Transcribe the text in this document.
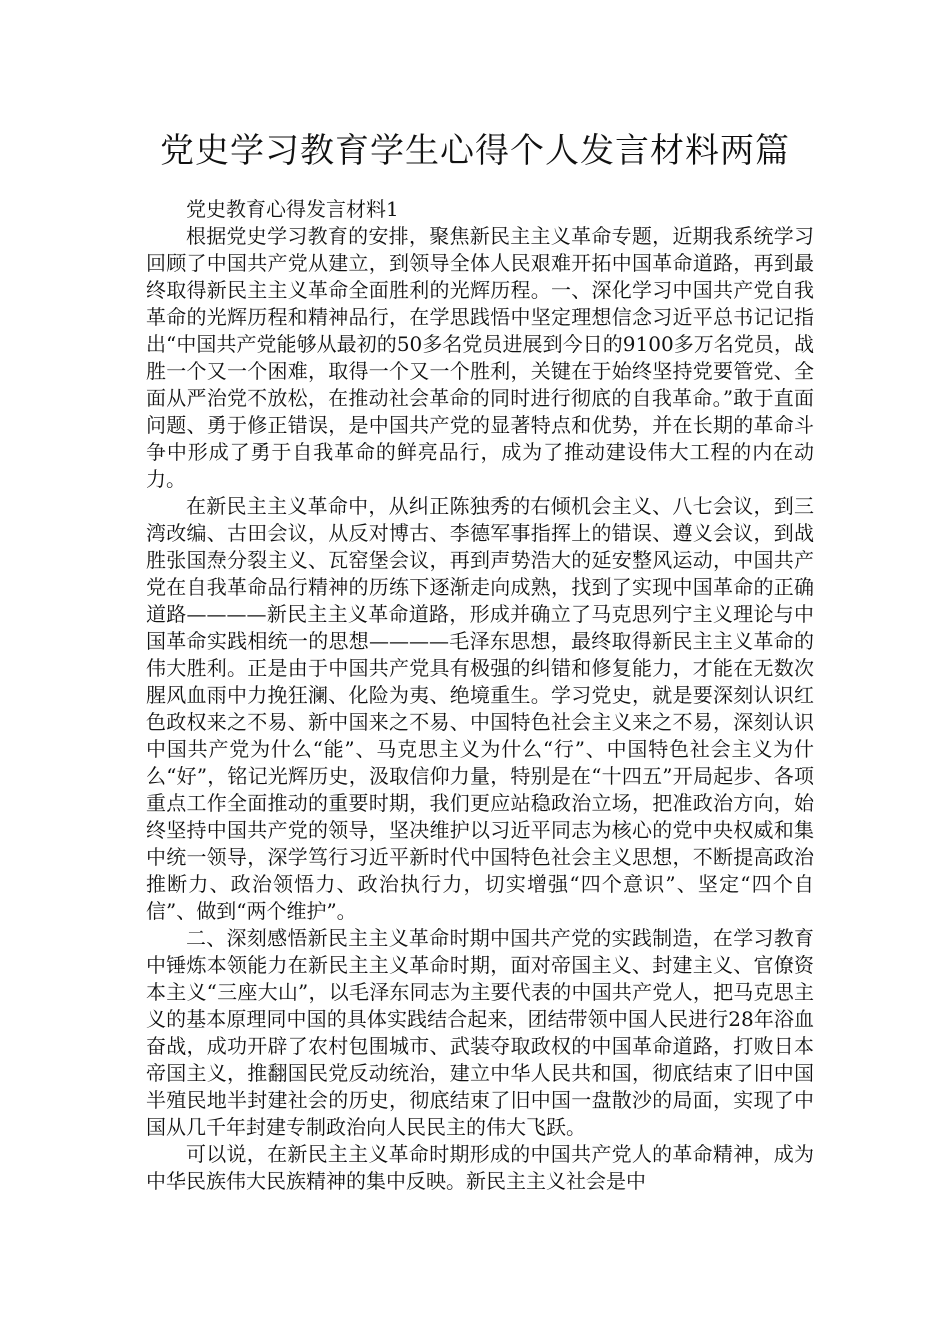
党史学习教育学生心得个人发言材料两篇

党史教育心得发言材料1

根据党史学习教育的安排，聚焦新民主主义革命专题，近期我系统学习回顾了中国共产党从建立，到领导全体人民艰难开拓中国革命道路，再到最终取得新民主主义革命全面胜利的光辉历程。一、深化学习中国共产党自我革命的光辉历程和精神品行，在学思践悟中坚定理想信念习近平总书记记指出“中国共产党能够从最初的50多名党员进展到今日的9100多万名党员，战胜一个又一个困难，取得一个又一个胜利，关键在于始终坚持党要管党、全面从严治党不放松，在推动社会革命的同时进行彻底的自我革命。”敢于直面问题、勇于修正错误，是中国共产党的显著特点和优势，并在长期的革命斗争中形成了勇于自我革命的鲜亮品行，成为了推动建设伟大工程的内在动力。

在新民主主义革命中，从纠正陈独秀的右倾机会主义、八七会议，到三湾改编、古田会议，从反对博古、李德军事指挥上的错误、遵义会议，到战胜张国焘分裂主义、瓦窑堡会议，再到声势浩大的延安整风运动，中国共产党在自我革命品行精神的历练下逐渐走向成熟，找到了实现中国革命的正确道路————新民主主义革命道路，形成并确立了马克思列宁主义理论与中国革命实践相统一的思想————毛泽东思想，最终取得新民主主义革命的伟大胜利。正是由于中国共产党具有极强的纠错和修复能力，才能在无数次腥风血雨中力挽狂澜、化险为夷、绝境重生。学习党史，就是要深刻认识红色政权来之不易、新中国来之不易、中国特色社会主义来之不易，深刻认识中国共产党为什么“能”、马克思主义为什么“行”、中国特色社会主义为什么“好”，铭记光辉历史，汲取信仰力量，特别是在“十四五”开局起步、各项重点工作全面推动的重要时期，我们更应站稳政治立场，把准政治方向，始终坚持中国共产党的领导，坚决维护以习近平同志为核心的党中央权威和集中统一领导，深学笃行习近平新时代中国特色社会主义思想，不断提高政治推断力、政治领悟力、政治执行力，切实增强“四个意识”、坚定“四个自信”、做到“两个维护”。

二、深刻感悟新民主主义革命时期中国共产党的实践制造，在学习教育中锤炼本领能力在新民主主义革命时期，面对帝国主义、封建主义、官僚资本主义“三座大山”，以毛泽东同志为主要代表的中国共产党人，把马克思主义的基本原理同中国的具体实践结合起来，团结带领中国人民进行28年浴血奋战，成功开辟了农村包围城市、武装夺取政权的中国革命道路，打败日本帝国主义，推翻国民党反动统治，建立中华人民共和国，彻底结束了旧中国半殖民地半封建社会的历史，彻底结束了旧中国一盘散沙的局面，实现了中国从几千年封建专制政治向人民民主的伟大飞跃。

可以说，在新民主主义革命时期形成的中国共产党人的革命精神，成为中华民族伟大民族精神的集中反映。新民主主义社会是中
